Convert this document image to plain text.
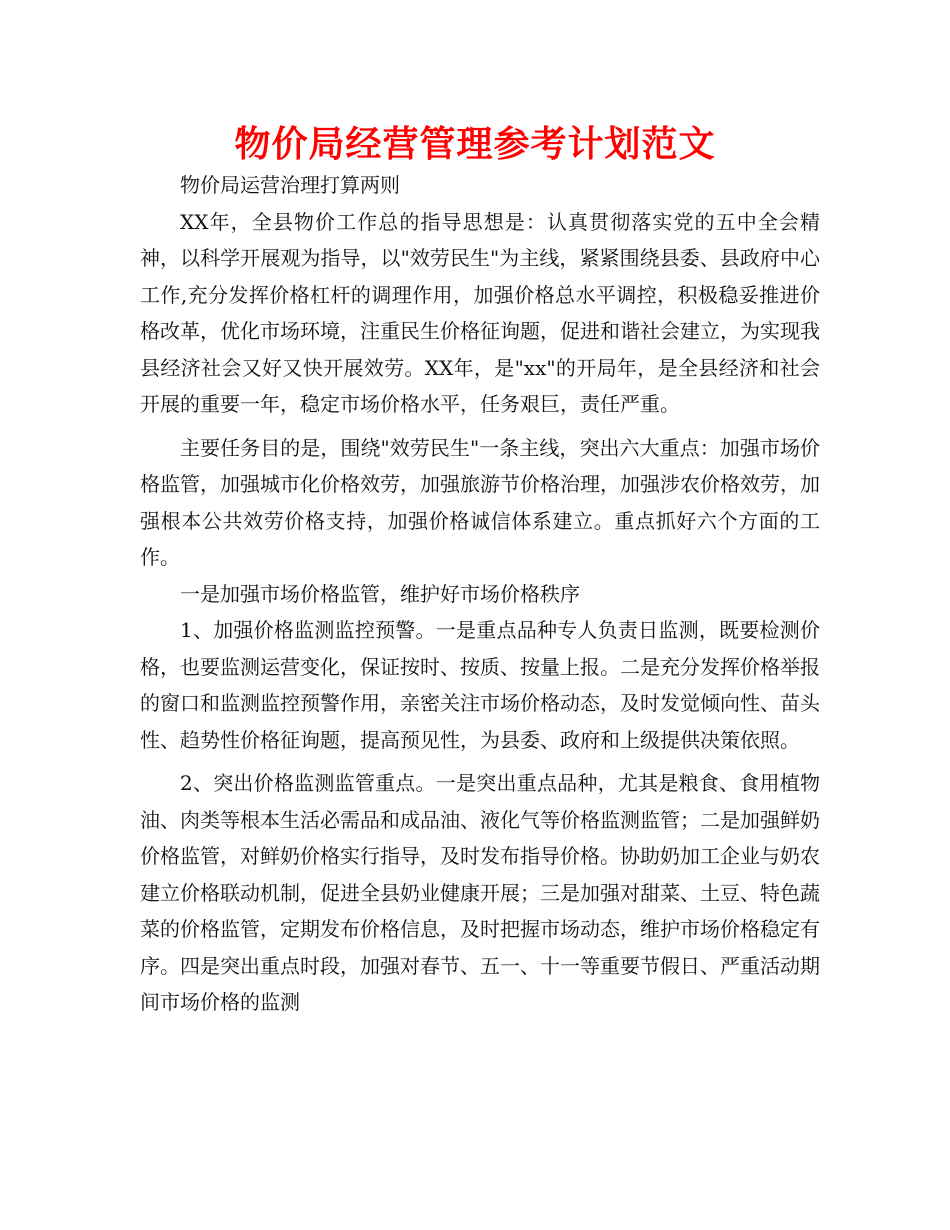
物价局经营管理参考计划范文

物价局运营治理打算两则

XX年，全县物价工作总的指导思想是：认真贯彻落实党的五中全会精神，以科学开展观为指导，以"效劳民生"为主线，紧紧围绕县委、县政府中心工作,充分发挥价格杠杆的调理作用，加强价格总水平调控，积极稳妥推进价格改革，优化市场环境，注重民生价格征询题，促进和谐社会建立，为实现我县经济社会又好又快开展效劳。XX年，是"xx"的开局年，是全县经济和社会开展的重要一年，稳定市场价格水平，任务艰巨，责任严重。

主要任务目的是，围绕"效劳民生"一条主线，突出六大重点：加强市场价格监管，加强城市化价格效劳，加强旅游节价格治理，加强涉农价格效劳，加强根本公共效劳价格支持，加强价格诚信体系建立。重点抓好六个方面的工作。

一是加强市场价格监管，维护好市场价格秩序

1、加强价格监测监控预警。一是重点品种专人负责日监测，既要检测价格，也要监测运营变化，保证按时、按质、按量上报。二是充分发挥价格举报的窗口和监测监控预警作用，亲密关注市场价格动态，及时发觉倾向性、苗头性、趋势性价格征询题，提高预见性，为县委、政府和上级提供决策依照。

2、突出价格监测监管重点。一是突出重点品种，尤其是粮食、食用植物油、肉类等根本生活必需品和成品油、液化气等价格监测监管；二是加强鲜奶价格监管，对鲜奶价格实行指导，及时发布指导价格。协助奶加工企业与奶农建立价格联动机制，促进全县奶业健康开展；三是加强对甜菜、土豆、特色蔬菜的价格监管，定期发布价格信息，及时把握市场动态，维护市场价格稳定有序。四是突出重点时段，加强对春节、五一、十一等重要节假日、严重活动期间市场价格的监测
